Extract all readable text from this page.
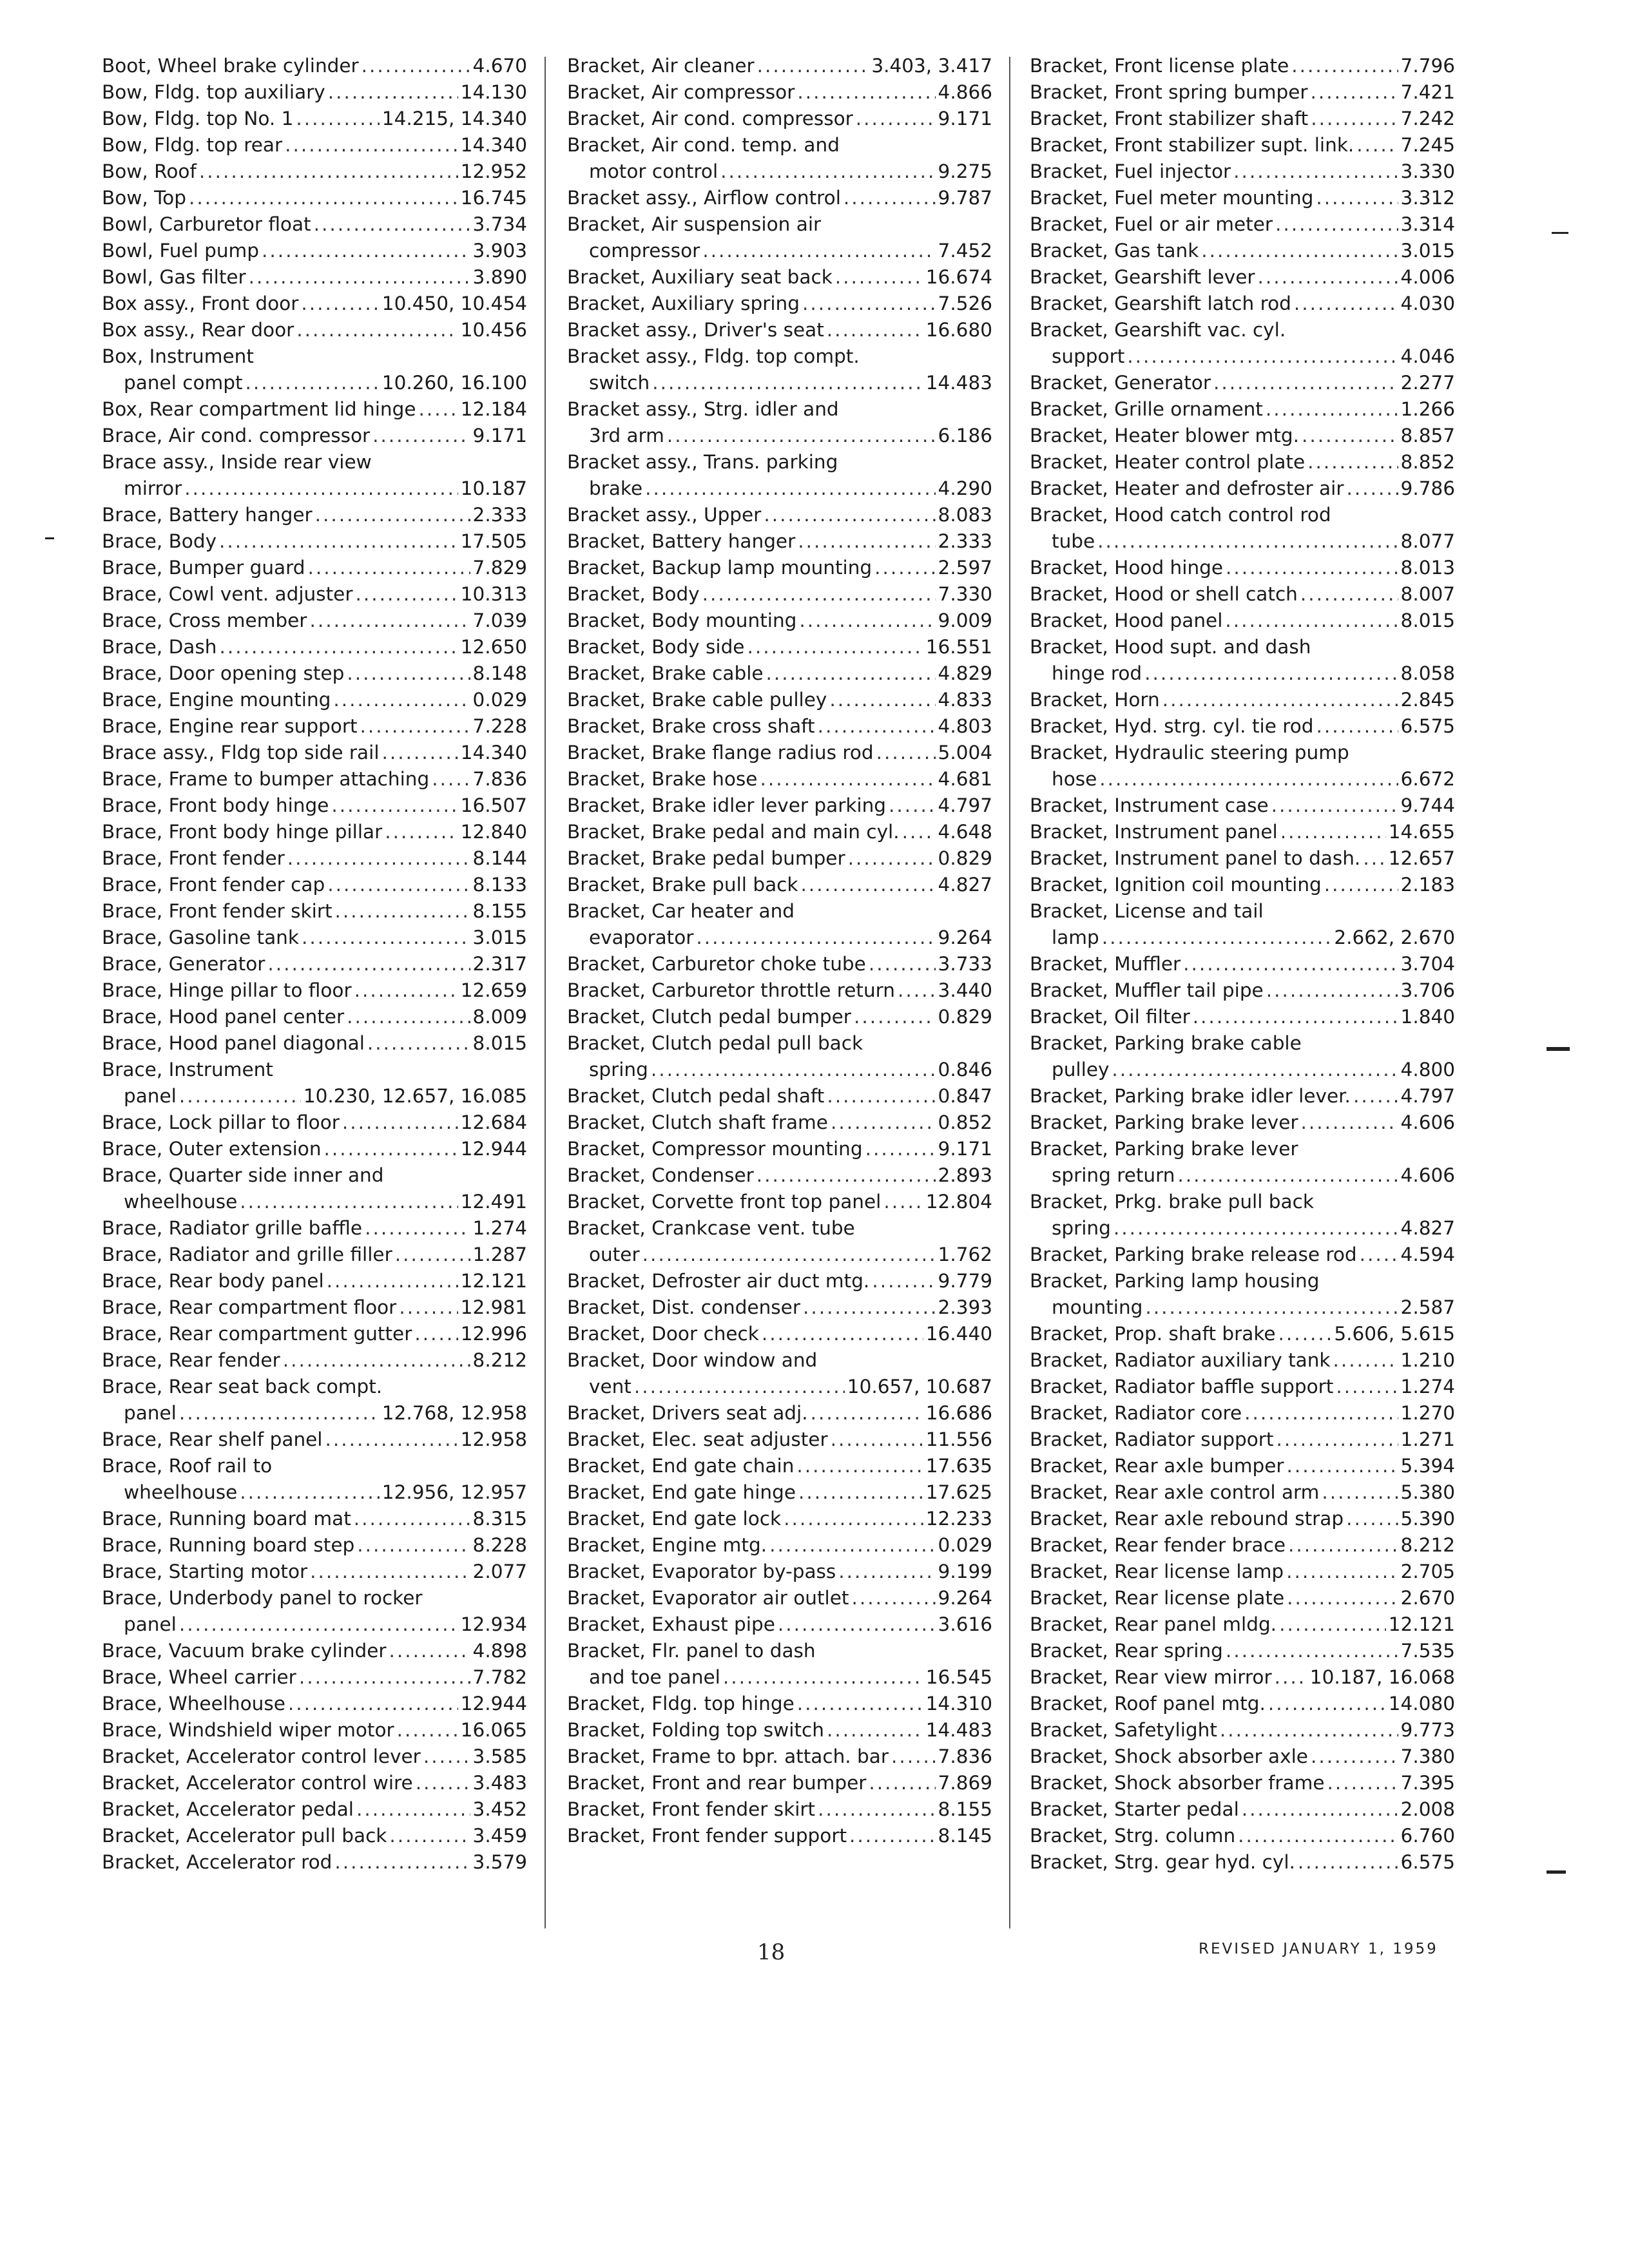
Boot, Wheel brake cylinder .....	4.670
Bow, Fldg. top auxiliary .....	14.130
Bow, Fldg. top No. 1 .....	14.215, 14.340
Bow, Fldg. top rear .....	14.340
Bow, Roof .....	12.952
Bow, Top .....	16.745
Bowl, Carburetor float .....	3.734
Bowl, Fuel pump .....	3.903
Bowl, Gas filter .....	3.890
Box assy., Front door .....	10.450, 10.454
Box assy., Rear door .....	10.456
Box, Instrument
panel compt .....	10.260, 16.100
Box, Rear compartment lid hinge ..... 12.184
Brace, Air cond. compressor .....	9.171
Brace assy., Inside rear view
mirror .....	10.187
Brace, Battery hanger .....	2.333
Brace, Body .....	17.505
Brace, Bumper guard .....	7.829
Brace, Cowl vent. adjuster .....	10.313
Brace, Cross member .....	7.039
Brace, Dash .....	12.650
Brace, Door opening step .....	8.148
Brace, Engine mounting .....	0.029
Brace, Engine rear support .....	7.228
Brace assy., Fldg top side rail .....	14.340
Brace, Frame to bumper attaching ..... 7.836
Brace, Front body hinge .....	16.507
Brace, Front body hinge pillar .....	12.840
Brace, Front fender .....	8.144
Brace, Front fender cap .....	8.133
Brace, Front fender skirt .....	8.155
Brace, Gasoline tank .....	3.015
Brace, Generator .....	2.317
Brace, Hinge pillar to floor .....	12.659
Brace, Hood panel center .....	8.009
Brace, Hood panel diagonal .....	8.015
Brace, Instrument
panel .....	10.230, 12.657, 16.085
Brace, Lock pillar to floor .....	12.684
Brace, Outer extension .....	12.944
Brace, Quarter side inner and
wheelhouse .....	12.491
Brace, Radiator grille baffle .....	1.274
Brace, Radiator and grille filler .....	1.287
Brace, Rear body panel .....	12.121
Brace, Rear compartment floor .....	12.981
Brace, Rear compartment gutter .....	12.996
Brace, Rear fender .....	8.212
Brace, Rear seat back compt.
panel .....	12.768, 12.958
Brace, Rear shelf panel .....	12.958
Brace, Roof rail to
wheelhouse .....	12.956, 12.957
Brace, Running board mat .....	8.315
Brace, Running board step .....	8.228
Brace, Starting motor .....	2.077
Brace, Underbody panel to rocker
panel .....	12.934
Brace, Vacuum brake cylinder .....	4.898
Brace, Wheel carrier .....	7.782
Brace, Wheelhouse .....	12.944
Brace, Windshield wiper motor .....	16.065
Bracket, Accelerator control lever .....	3.585
Bracket, Accelerator control wire .....	3.483
Bracket, Accelerator pedal .....	3.452
Bracket, Accelerator pull back .....	3.459
Bracket, Accelerator rod .....	3.579
Bracket, Air cleaner .....	3.403, 3.417
Bracket, Air compressor .....	4.866
Bracket, Air cond. compressor .....	9.171
Bracket, Air cond. temp. and
motor control .....	9.275
Bracket assy., Airflow control .....	9.787
Bracket, Air suspension air
compressor .....	7.452
Bracket, Auxiliary seat back .....	16.674
Bracket, Auxiliary spring .....	7.526
Bracket assy., Driver's seat .....	16.680
Bracket assy., Fldg. top compt.
switch .....	14.483
Bracket assy., Strg. idler and
3rd arm .....	6.186
Bracket assy., Trans. parking
brake .....	4.290
Bracket assy., Upper .....	8.083
Bracket, Battery hanger .....	2.333
Bracket, Backup lamp mounting .....	2.597
Bracket, Body .....	7.330
Bracket, Body mounting .....	9.009
Bracket, Body side .....	16.551
Bracket, Brake cable .....	4.829
Bracket, Brake cable pulley .....	4.833
Bracket, Brake cross shaft .....	4.803
Bracket, Brake flange radius rod .....	5.004
Bracket, Brake hose .....	4.681
Bracket, Brake idler lever parking .....	4.797
Bracket, Brake pedal and main cyl. ..... 4.648
Bracket, Brake pedal bumper .....	0.829
Bracket, Brake pull back .....	4.827
Bracket, Car heater and
evaporator .....	9.264
Bracket, Carburetor choke tube .....	3.733
Bracket, Carburetor throttle return ..... 3.440
Bracket, Clutch pedal bumper .....	0.829
Bracket, Clutch pedal pull back
spring .....	0.846
Bracket, Clutch pedal shaft .....	0.847
Bracket, Clutch shaft frame .....	0.852
Bracket, Compressor mounting .....	9.171
Bracket, Condenser .....	2.893
Bracket, Corvette front top panel ..... 12.804
Bracket, Crankcase vent. tube
outer .....	1.762
Bracket, Defroster air duct mtg. .....	9.779
Bracket, Dist. condenser .....	2.393
Bracket, Door check .....	16.440
Bracket, Door window and
vent .....	10.657, 10.687
Bracket, Drivers seat adj. .....	16.686
Bracket, Elec. seat adjuster .....	11.556
Bracket, End gate chain .....	17.635
Bracket, End gate hinge .....	17.625
Bracket, End gate lock .....	12.233
Bracket, Engine mtg. .....	0.029
Bracket, Evaporator by-pass .....	9.199
Bracket, Evaporator air outlet .....	9.264
Bracket, Exhaust pipe .....	3.616
Bracket, Flr. panel to dash
and toe panel .....	16.545
Bracket, Fldg. top hinge .....	14.310
Bracket, Folding top switch .....	14.483
Bracket, Frame to bpr. attach. bar .....	7.836
Bracket, Front and rear bumper .....	7.869
Bracket, Front fender skirt .....	8.155
Bracket, Front fender support .....	8.145
Bracket, Front license plate .....	7.796
Bracket, Front spring bumper .....	7.421
Bracket, Front stabilizer shaft .....	7.242
Bracket, Front stabilizer supt. link. ..... 7.245
Bracket, Fuel injector .....	3.330
Bracket, Fuel meter mounting .....	3.312
Bracket, Fuel or air meter .....	3.314
Bracket, Gas tank .....	3.015
Bracket, Gearshift lever .....	4.006
Bracket, Gearshift latch rod .....	4.030
Bracket, Gearshift vac. cyl.
support .....	4.046
Bracket, Generator .....	2.277
Bracket, Grille ornament .....	1.266
Bracket, Heater blower mtg. .....	8.857
Bracket, Heater control plate .....	8.852
Bracket, Heater and defroster air .....	9.786
Bracket, Hood catch control rod
tube .....	8.077
Bracket, Hood hinge .....	8.013
Bracket, Hood or shell catch .....	8.007
Bracket, Hood panel .....	8.015
Bracket, Hood supt. and dash
hinge rod .....	8.058
Bracket, Horn .....	2.845
Bracket, Hyd. strg. cyl. tie rod .....	6.575
Bracket, Hydraulic steering pump
hose .....	6.672
Bracket, Instrument case .....	9.744
Bracket, Instrument panel .....	14.655
Bracket, Instrument panel to dash. ..... 12.657
Bracket, Ignition coil mounting .....	2.183
Bracket, License and tail
lamp .....	2.662, 2.670
Bracket, Muffler .....	3.704
Bracket, Muffler tail pipe .....	3.706
Bracket, Oil filter .....	1.840
Bracket, Parking brake cable
pulley .....	4.800
Bracket, Parking brake idler lever. .....	4.797
Bracket, Parking brake lever .....	4.606
Bracket, Parking brake lever
spring return .....	4.606
Bracket, Prkg. brake pull back
spring .....	4.827
Bracket, Parking brake release rod ..... 4.594
Bracket, Parking lamp housing
mounting .....	2.587
Bracket, Prop. shaft brake .....	5.606, 5.615
Bracket, Radiator auxiliary tank .....	1.210
Bracket, Radiator baffle support .....	1.274
Bracket, Radiator core .....	1.270
Bracket, Radiator support .....	1.271
Bracket, Rear axle bumper .....	5.394
Bracket, Rear axle control arm .....	5.380
Bracket, Rear axle rebound strap .....	5.390
Bracket, Rear fender brace .....	8.212
Bracket, Rear license lamp .....	2.705
Bracket, Rear license plate .....	2.670
Bracket, Rear panel mldg. .....	12.121
Bracket, Rear spring .....	7.535
Bracket, Rear view mirror ..... 10.187, 16.068
Bracket, Roof panel mtg. .....	14.080
Bracket, Safetylight .....	9.773
Bracket, Shock absorber axle .....	7.380
Bracket, Shock absorber frame .....	7.395
Bracket, Starter pedal .....	2.008
Bracket, Strg. column .....	6.760
Bracket, Strg. gear hyd. cyl. .....	6.575
18	REVISED JANUARY 1, 1959
